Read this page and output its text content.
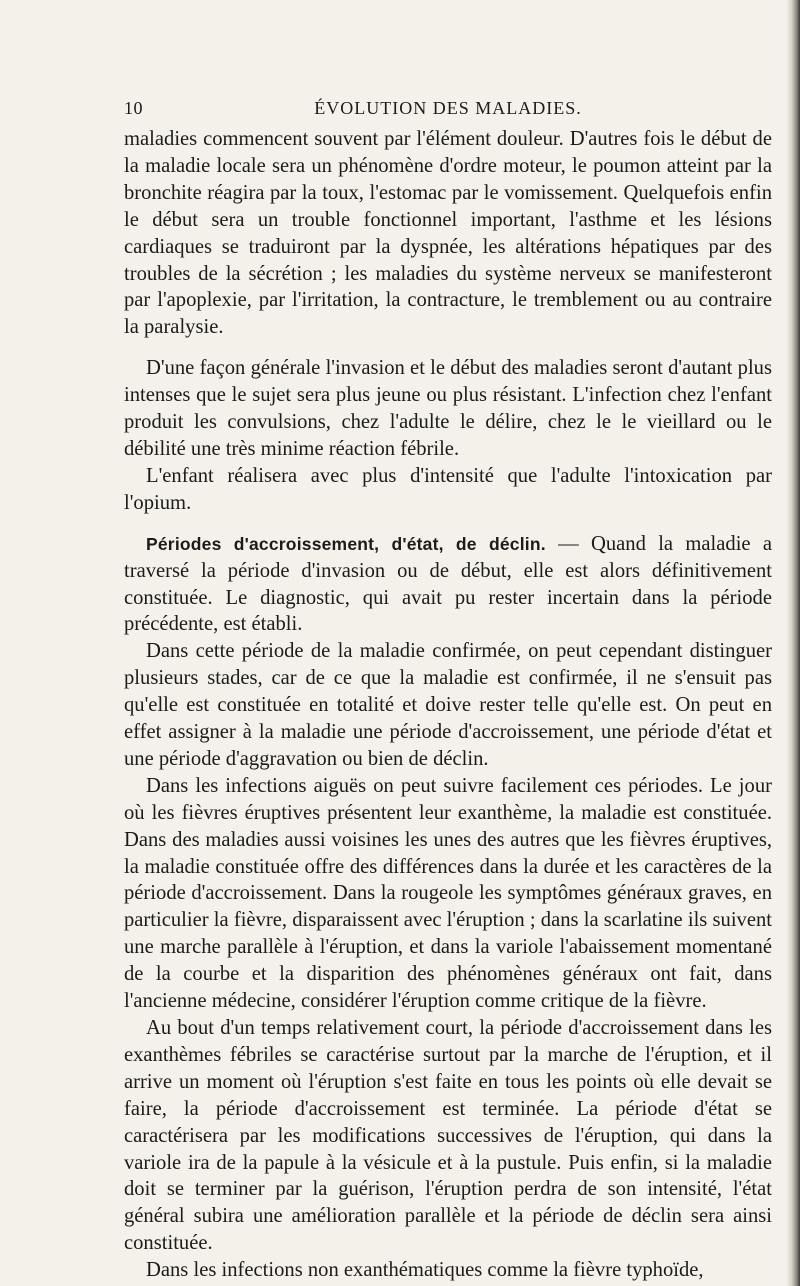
10	ÉVOLUTION DES MALADIES.

maladies commencent souvent par l'élément douleur. D'autres fois le début de la maladie locale sera un phénomène d'ordre moteur, le poumon atteint par la bronchite réagira par la toux, l'estomac par le vomissement. Quelquefois enfin le début sera un trouble fonctionnel important, l'asthme et les lésions cardiaques se traduiront par la dyspnée, les altérations hépatiques par des troubles de la sécrétion ; les maladies du système nerveux se manifesteront par l'apoplexie, par l'irritation, la contracture, le tremblement ou au contraire la paralysie.

D'une façon générale l'invasion et le début des maladies seront d'autant plus intenses que le sujet sera plus jeune ou plus résistant. L'infection chez l'enfant produit les convulsions, chez l'adulte le délire, chez le le vieillard ou le débilité une très minime réaction fébrile.

L'enfant réalisera avec plus d'intensité que l'adulte l'intoxication par l'opium.

Périodes d'accroissement, d'état, de déclin. — Quand la maladie a traversé la période d'invasion ou de début, elle est alors définitivement constituée. Le diagnostic, qui avait pu rester incertain dans la période précédente, est établi.

Dans cette période de la maladie confirmée, on peut cependant distinguer plusieurs stades, car de ce que la maladie est confirmée, il ne s'ensuit pas qu'elle est constituée en totalité et doive rester telle qu'elle est. On peut en effet assigner à la maladie une période d'accroissement, une période d'état et une période d'aggravation ou bien de déclin.

Dans les infections aiguës on peut suivre facilement ces périodes. Le jour où les fièvres éruptives présentent leur exanthème, la maladie est constituée. Dans des maladies aussi voisines les unes des autres que les fièvres éruptives, la maladie constituée offre des différences dans la durée et les caractères de la période d'accroissement. Dans la rougeole les symptômes généraux graves, en particulier la fièvre, disparaissent avec l'éruption ; dans la scarlatine ils suivent une marche parallèle à l'éruption, et dans la variole l'abaissement momentané de la courbe et la disparition des phénomènes généraux ont fait, dans l'ancienne médecine, considérer l'éruption comme critique de la fièvre.

Au bout d'un temps relativement court, la période d'accroissement dans les exanthèmes fébriles se caractérise surtout par la marche de l'éruption, et il arrive un moment où l'éruption s'est faite en tous les points où elle devait se faire, la période d'accroissement est terminée. La période d'état se caractérisera par les modifications successives de l'éruption, qui dans la variole ira de la papule à la vésicule et à la pustule. Puis enfin, si la maladie doit se terminer par la guérison, l'éruption perdra de son intensité, l'état général subira une amélioration parallèle et la période de déclin sera ainsi constituée.

Dans les infections non exanthématiques comme la fièvre typhoïde,
